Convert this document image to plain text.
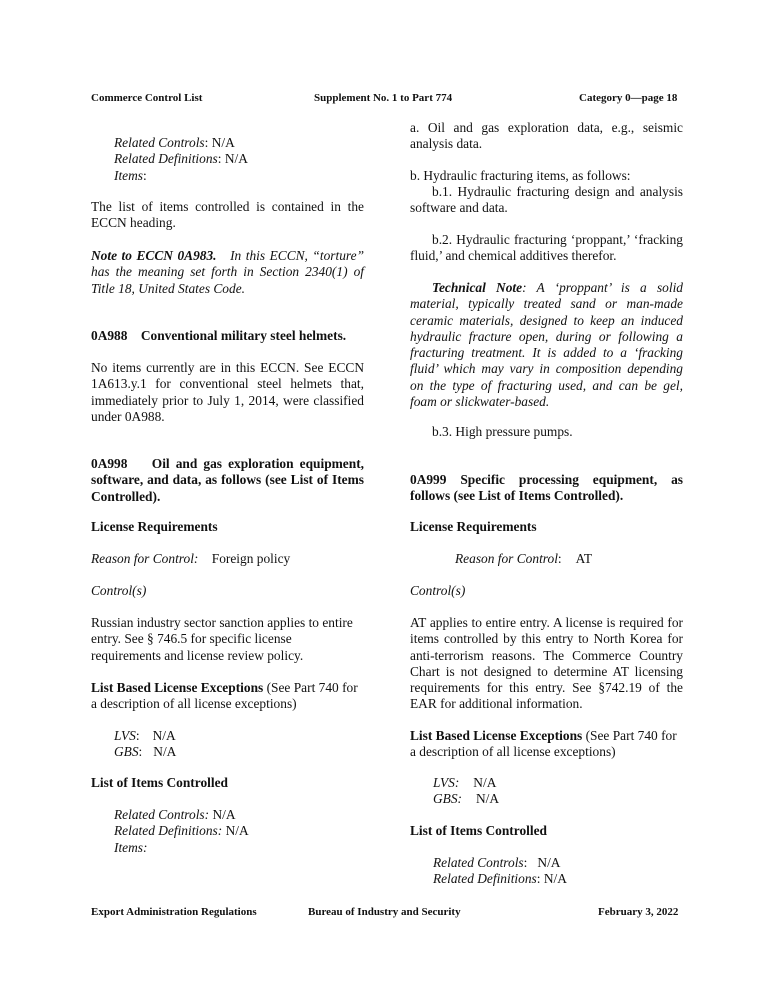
Commerce Control List	Supplement No. 1 to Part 774	Category 0—page 18
Related Controls: N/A
Related Definitions: N/A
Items:

The list of items controlled is contained in the ECCN heading.

Note to ECCN 0A983. In this ECCN, “torture” has the meaning set forth in Section 2340(1) of Title 18, United States Code.

0A988 Conventional military steel helmets.

No items currently are in this ECCN. See ECCN 1A613.y.1 for conventional steel helmets that, immediately prior to July 1, 2014, were classified under 0A988.

0A998 Oil and gas exploration equipment, software, and data, as follows (see List of Items Controlled).

License Requirements

Reason for Control: Foreign policy

Control(s)

Russian industry sector sanction applies to entire
entry. See § 746.5 for specific license
requirements and license review policy.

List Based License Exceptions (See Part 740 for a description of all license exceptions)

LVS: N/A
GBS: N/A

List of Items Controlled

Related Controls: N/A
Related Definitions: N/A
Items:

a. Oil and gas exploration data, e.g., seismic analysis data.

b. Hydraulic fracturing items, as follows:

b.1. Hydraulic fracturing design and analysis software and data.

b.2. Hydraulic fracturing ‘proppant,’ ‘fracking fluid,’ and chemical additives therefor.

Technical Note: A ‘proppant’ is a solid material, typically treated sand or man-made ceramic materials, designed to keep an induced hydraulic fracture open, during or following a fracturing treatment. It is added to a ‘fracking fluid’ which may vary in composition depending on the type of fracturing used, and can be gel, foam or slickwater-based.

b.3. High pressure pumps.

0A999 Specific processing equipment, as follows (see List of Items Controlled).

License Requirements

Reason for Control: AT

Control(s)

AT applies to entire entry. A license is required for items controlled by this entry to North Korea for anti-terrorism reasons. The Commerce Country Chart is not designed to determine AT licensing requirements for this entry. See §742.19 of the EAR for additional information.

List Based License Exceptions (See Part 740 for a description of all license exceptions)

LVS: N/A
GBS: N/A

List of Items Controlled

Related Controls:   N/A
Related Definitions: N/A
Export Administration Regulations	Bureau of Industry and Security	February 3, 2022
